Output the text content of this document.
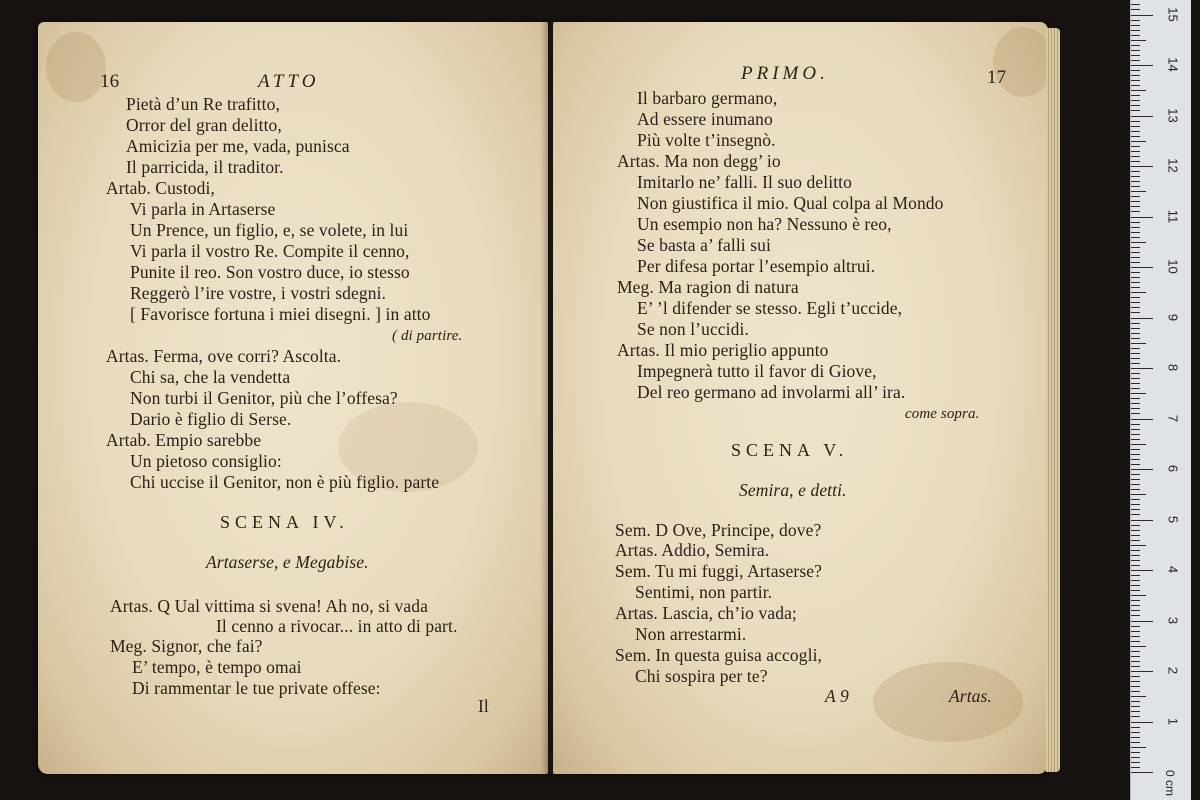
16	ATTO
Pietà d’un Re trafitto,
Orror del gran delitto,
Amicizia per me, vada, punisca
Il parricida, il traditor.
Artab. Custodi,
Vi parla in Artaserse
Un Prence, un figlio, e, se volete, in lui
Vi parla il vostro Re. Compite il cenno,
Punite il reo. Son vostro duce, io stesso
Reggerò l’ire vostre, i vostri sdegni.
[ Favorisce fortuna i miei disegni. ] in atto
( di partire.
Artas. Ferma, ove corri? Ascolta.
Chi sa, che la vendetta
Non turbi il Genitor, più che l’offesa?
Dario è figlio di Serse.
Artab. Empio sarebbe
Un pietoso consiglio:
Chi uccise il Genitor, non è più figlio. parte
SCENA IV.
Artaserse, e Megabise.
Artas. Q Ual vittima si svena! Ah no, si vada
Il cenno a rivocar... in atto di part.
Meg. Signor, che fai?
E’ tempo, è tempo omai
Di rammentar le tue private offese:
Il
PRIMO.	17
Il barbaro germano,
Ad essere inumano
Più volte t’insegnò.
Artas. Ma non degg’ io
Imitarlo ne’ falli. Il suo delitto
Non giustifica il mio. Qual colpa al Mondo
Un esempio non ha? Nessuno è reo,
Se basta a’ falli sui
Per difesa portar l’esempio altrui.
Meg. Ma ragion di natura
E’ ’l difender se stesso. Egli t’uccide,
Se non l’uccidi.
Artas. Il mio periglio appunto
Impegnerà tutto il favor di Giove,
Del reo germano ad involarmi all’ ira.
come sopra.
SCENA V.
Semira, e detti.
Sem. D Ove, Principe, dove?
Artas. Addio, Semira.
Sem. Tu mi fuggi, Artaserse?
Sentimi, non partir.
Artas. Lascia, ch’io vada;
Non arrestarmi.
Sem. In questa guisa accogli,
Chi sospira per te?
A 9	Artas.
0 cm
1
2
3
4
5
6
7
8
9
10
11
12
13
14
15
